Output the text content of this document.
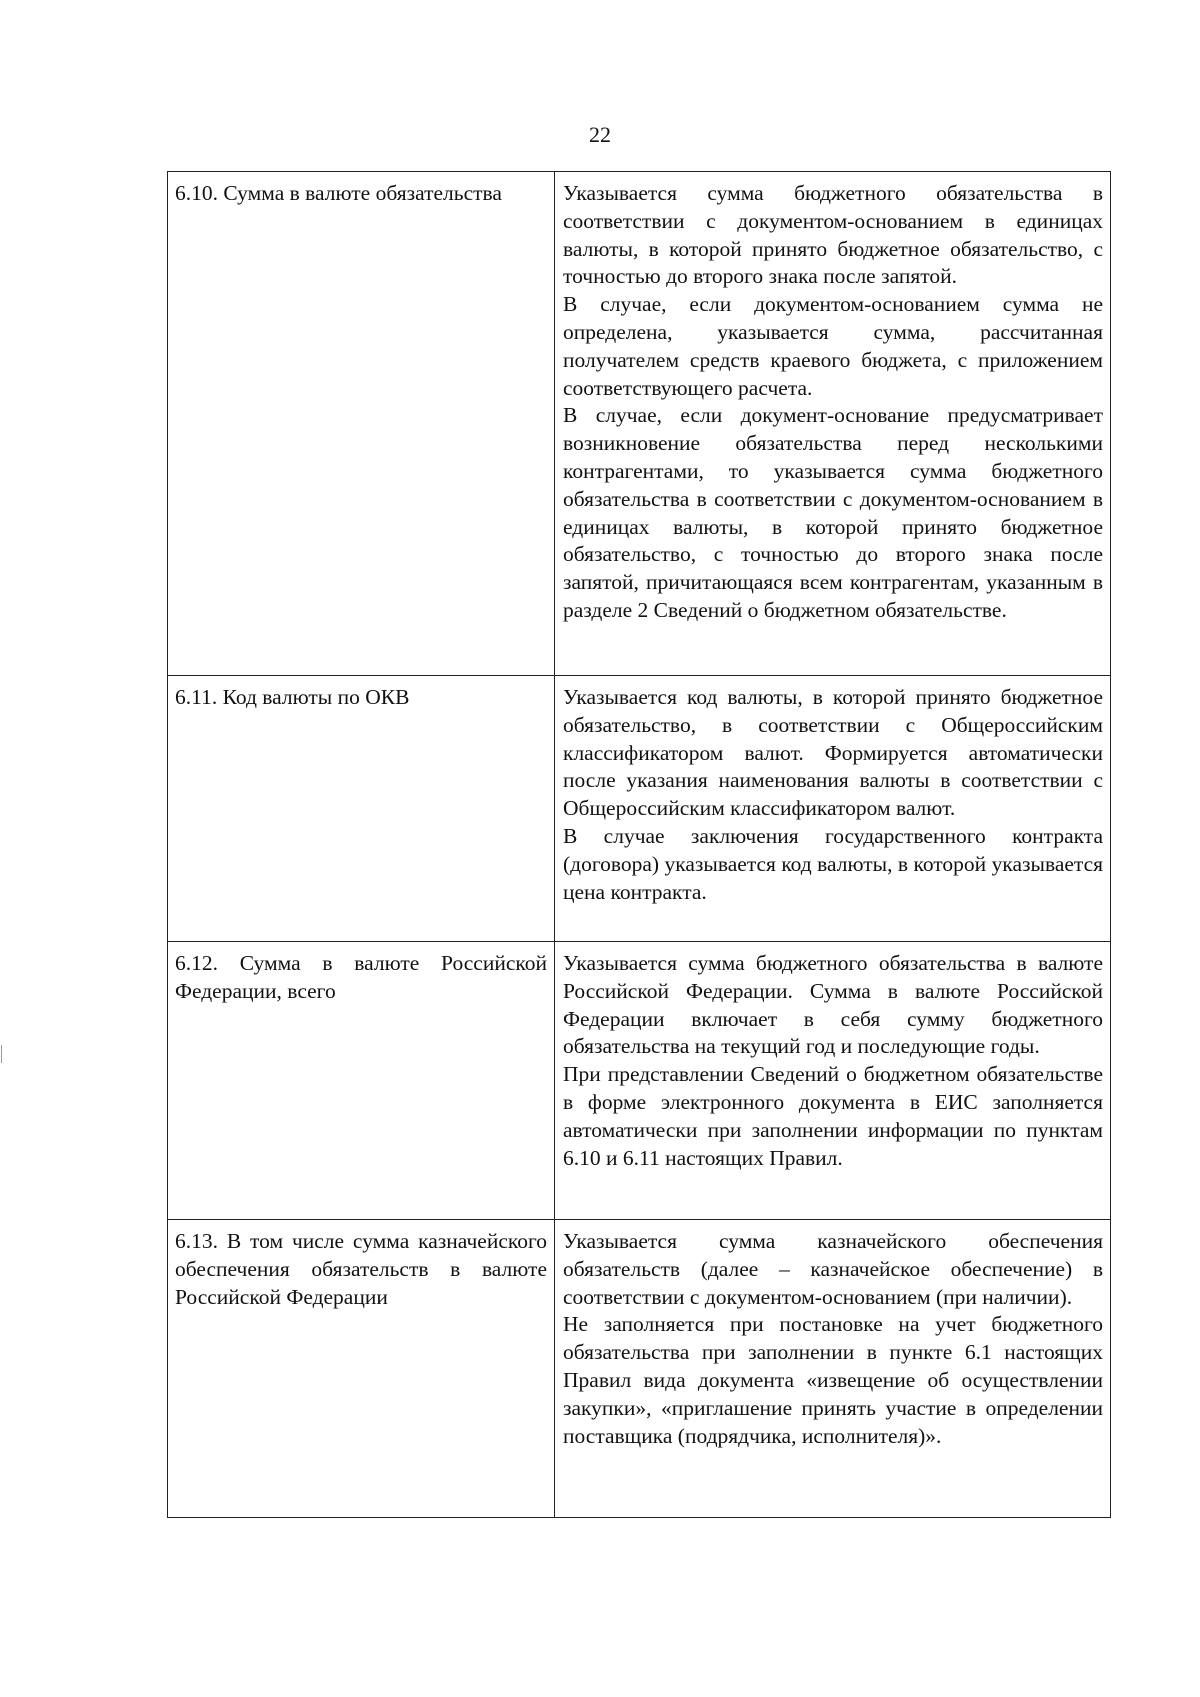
22
6.10. Сумма в валюте обязательства	Указывается сумма бюджетного обязательства в соответствии с документом-основанием в единицах валюты, в которой принято бюджетное обязательство, с точностью до второго знака после запятой.

В случае, если документом-основанием сумма не определена, указывается сумма, рассчитанная получателем средств краевого бюджета, с приложением соответствующего расчета.

В случае, если документ-основание предусматривает возникновение обязательства перед несколькими контрагентами, то указывается сумма бюджетного обязательства в соответствии с документом-основанием в единицах валюты, в которой принято бюджетное обязательство, с точностью до второго знака после запятой, причитающаяся всем контрагентам, указанным в разделе 2 Сведений о бюджетном обязательстве.

6.11. Код валюты по ОКВ	Указывается код валюты, в которой принято бюджетное обязательство, в соответствии с Общероссийским классификатором валют. Формируется автоматически после указания наименования валюты в соответствии с Общероссийским классификатором валют.

В случае заключения государственного контракта (договора) указывается код валюты, в которой указывается цена контракта.

6.12. Сумма в валюте Российской Федерации, всего	Указывается сумма бюджетного обязательства в валюте Российской Федерации. Сумма в валюте Российской Федерации включает в себя сумму бюджетного обязательства на текущий год и последующие годы.

При представлении Сведений о бюджетном обязательстве в форме электронного документа в ЕИС заполняется автоматически при заполнении информации по пунктам 6.10 и 6.11 настоящих Правил.

6.13. В том числе сумма казначейского обеспечения обязательств в валюте Российской Федерации	Указывается сумма казначейского обеспечения обязательств (далее – казначейское обеспечение) в соответствии с документом-основанием (при наличии).

Не заполняется при постановке на учет бюджетного обязательства при заполнении в пункте 6.1 настоящих Правил вида документа «извещение об осуществлении закупки», «приглашение принять участие в определении поставщика (подрядчика, исполнителя)».
